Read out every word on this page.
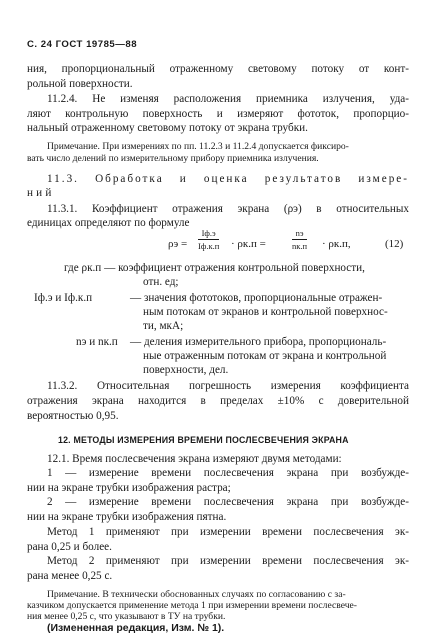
С. 24 ГОСТ 19785—88
ния, пропорциональный отраженному световому потоку от конт-
рольной поверхности.
11.2.4. Не изменяя расположения приемника излучения, уда-
ляют контрольную поверхность и измеряют фототок, пропорцио-
нальный отраженному световому потоку от экрана трубки.
Примечание. При измерениях по пп. 11.2.3 и 11.2.4 допускается фиксиро-
вать число делений по измерительному прибору приемника излучения.
11.3. Обработка и оценка результатов измере-
ний
11.3.1. Коэффициент отражения экрана (ρэ) в относительных
единицах определяют по формуле
ρэ =
Iф.э
Iф.к.п · ρк.п =
nэ
nк.п · ρк.п,	(12)
где ρк.п — коэффициент отражения контрольной поверхности,
отн. ед;
Iф.э и Iф.к.п	— значения фототоков, пропорциональные отражен-
ным потокам от экранов и контрольной поверхнос-
ти, мкА;
nэ и nк.п — деления измерительного прибора, пропорциональ-
ные отраженным потокам от экрана и контрольной
поверхности, дел.
11.3.2. Относительная погрешность измерения коэффициента
отражения экрана находится в пределах ±10% с доверительной
вероятностью 0,95.
12. МЕТОДЫ ИЗМЕРЕНИЯ ВРЕМЕНИ ПОСЛЕСВЕЧЕНИЯ ЭКРАНА
12.1. Время послесвечения экрана измеряют двумя методами:
1 — измерение времени послесвечения экрана при возбужде-
нии на экране трубки изображения растра;
2 — измерение времени послесвечения экрана при возбужде-
нии на экране трубки изображения пятна.
Метод 1 применяют при измерении времени послесвечения эк-
рана 0,25 и более.
Метод 2 применяют при измерении времени послесвечения эк-
рана менее 0,25 с.
Примечание. В технически обоснованных случаях по согласованию с за-
казчиком допускается применение метода 1 при измерении времени послесвече-
ния менее 0,25 с, что указывают в ТУ на трубки.
(Измененная редакция, Изм. № 1).
